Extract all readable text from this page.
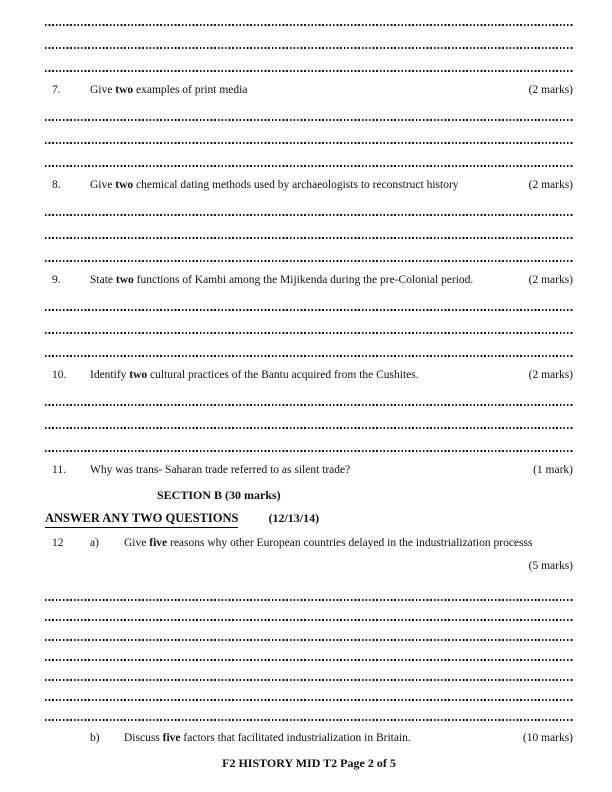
7.	Give two examples of print media	(2 marks)
8.	Give two chemical dating methods used by archaeologists to reconstruct history	(2 marks)
9.	State two functions of Kambi among the Mijikenda during the pre-Colonial period.	(2 marks)
10.	Identify two cultural practices of the Bantu acquired from the Cushites.	(2 marks)
11.	Why was trans- Saharan trade referred to as silent trade?	(1 mark)
SECTION B (30 marks)
ANSWER ANY TWO QUESTIONS	(12/13/14)
12	a)	Give five reasons why other European countries delayed in the industrialization processs
(5 marks)
b)	Discuss five factors that facilitated industrialization in Britain.	(10 marks)
F2 HISTORY MID T2 Page 2 of 5
